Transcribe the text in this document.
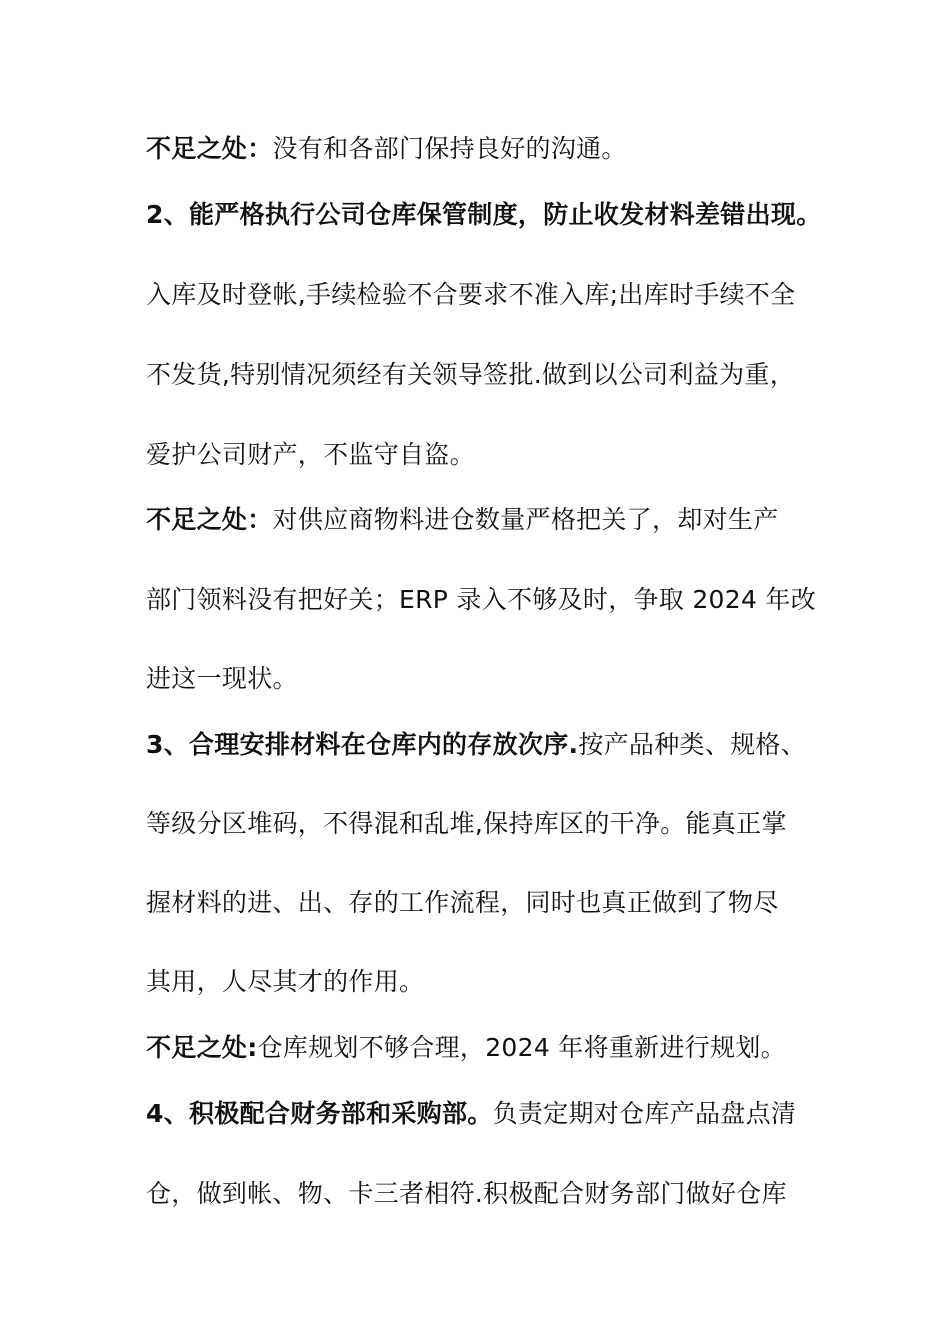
不足之处：没有和各部门保持良好的沟通。
2、能严格执行公司仓库保管制度，防止收发材料差错出现。
入库及时登帐,手续检验不合要求不准入库;出库时手续不全
不发货,特别情况须经有关领导签批.做到以公司利益为重，
爱护公司财产，不监守自盗。
不足之处：对供应商物料进仓数量严格把关了，却对生产
部门领料没有把好关；ERP 录入不够及时，争取 2024 年改
进这一现状。
3、合理安排材料在仓库内的存放次序.按产品种类、规格、
等级分区堆码，不得混和乱堆,保持库区的干净。能真正掌
握材料的进、出、存的工作流程，同时也真正做到了物尽
其用，人尽其才的作用。
不足之处:仓库规划不够合理，2024 年将重新进行规划。
4、积极配合财务部和采购部。负责定期对仓库产品盘点清
仓，做到帐、物、卡三者相符.积极配合财务部门做好仓库
